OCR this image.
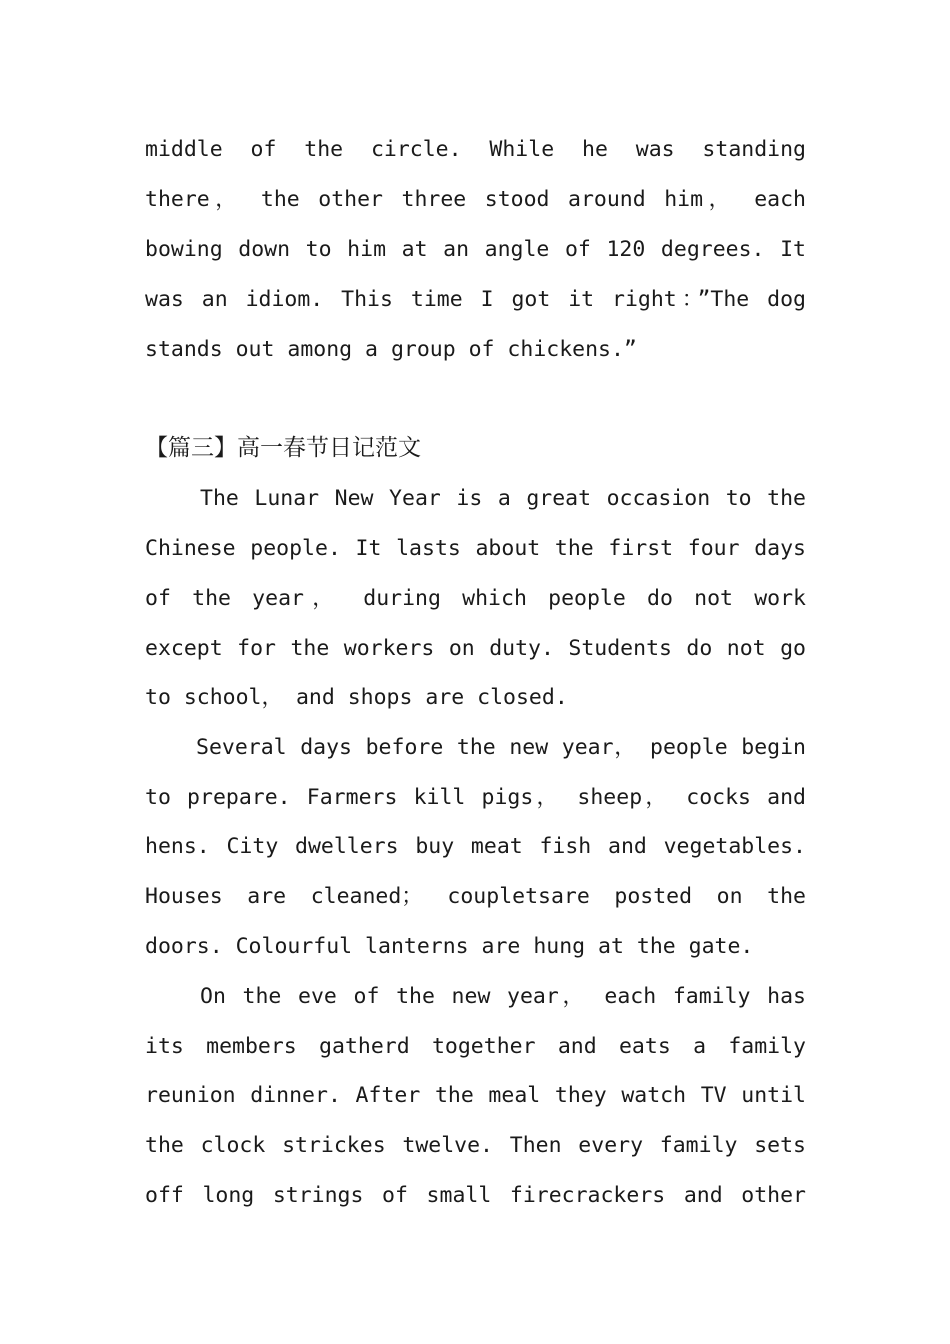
middle of the circle. While he was standing
there， the other three stood around him， each
bowing down to him at an angle of 120 degrees. It
was an idiom. This time I got it right：”The dog
stands out among a group of chickens.”
【篇三】高一春节日记范文
The Lunar New Year is a great occasion to the
Chinese people. It lasts about the first four days
of the year， during which people do not work
except for the workers on duty. Students do not go
to school， and shops are closed.
Several days before the new year， people begin
to prepare. Farmers kill pigs， sheep， cocks and
hens. City dwellers buy meat fish and vegetables.
Houses are cleaned； coupletsare posted on the
doors. Colourful lanterns are hung at the gate.
On the eve of the new year， each family has
its members gatherd together and eats a family
reunion dinner. After the meal they watch TV until
the clock strickes twelve. Then every family sets
off long strings of small firecrackers and other
